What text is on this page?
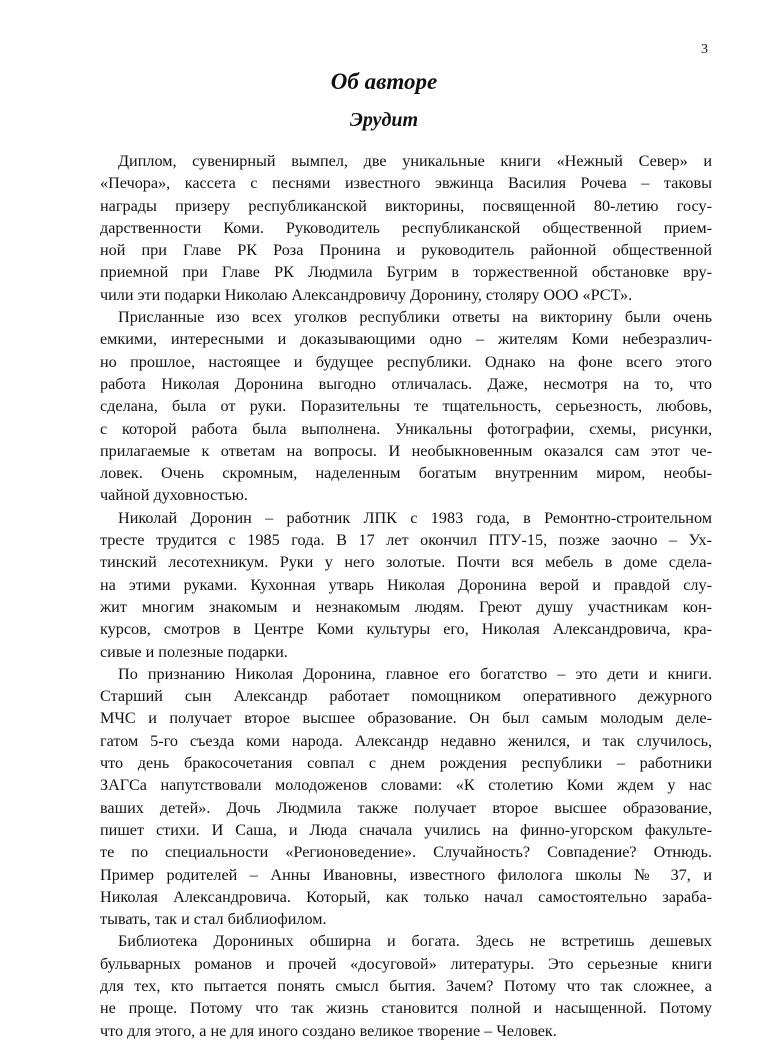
3
Об авторе
Эрудит
Диплом, сувенирный вымпел, две уникальные книги «Нежный Север» и
«Печора», кассета с песнями известного эвжинца Василия Рочева – таковы
награды призеру республиканской викторины, посвященной 80-летию госу-
дарственности Коми. Руководитель республиканской общественной прием-
ной при Главе РК Роза Пронина и руководитель районной общественной
приемной при Главе РК Людмила Бугрим в торжественной обстановке вру-
чили эти подарки Николаю Александровичу Доронину, столяру ООО «РСТ».
Присланные изо всех уголков республики ответы на викторину были очень
емкими, интересными и доказывающими одно – жителям Коми небезразлич-
но прошлое, настоящее и будущее республики. Однако на фоне всего этого
работа Николая Доронина выгодно отличалась. Даже, несмотря на то, что
сделана, была от руки. Поразительны те тщательность, серьезность, любовь,
с которой работа была выполнена. Уникальны фотографии, схемы, рисунки,
прилагаемые к ответам на вопросы. И необыкновенным оказался сам этот че-
ловек. Очень скромным, наделенным богатым внутренним миром, необы-
чайной духовностью.
Николай Доронин – работник ЛПК с 1983 года, в Ремонтно-строительном
тресте трудится с 1985 года. В 17 лет окончил ПТУ-15, позже заочно – Ух-
тинский лесотехникум. Руки у него золотые. Почти вся мебель в доме сдела-
на этими руками. Кухонная утварь Николая Доронина верой и правдой слу-
жит многим знакомым и незнакомым людям. Греют душу участникам кон-
курсов, смотров в Центре Коми культуры его, Николая Александровича, кра-
сивые и полезные подарки.
По признанию Николая Доронина, главное его богатство – это дети и книги.
Старший сын Александр работает помощником оперативного дежурного
МЧС и получает второе высшее образование. Он был самым молодым деле-
гатом 5-го съезда коми народа. Александр недавно женился, и так случилось,
что день бракосочетания совпал с днем рождения республики – работники
ЗАГСа напутствовали молодоженов словами: «К столетию Коми ждем у нас
ваших детей». Дочь Людмила также получает второе высшее образование,
пишет стихи. И Саша, и Люда сначала учились на финно-угорском факульте-
те по специальности «Регионоведение». Случайность? Совпадение? Отнюдь.
Пример родителей – Анны Ивановны, известного филолога школы № 37, и
Николая Александровича. Который, как только начал самостоятельно зараба-
тывать, так и стал библиофилом.
Библиотека Дорониных обширна и богата. Здесь не встретишь дешевых
бульварных романов и прочей «досуговой» литературы. Это серьезные книги
для тех, кто пытается понять смысл бытия. Зачем? Потому что так сложнее, а
не проще. Потому что так жизнь становится полной и насыщенной. Потому
что для этого, а не для иного создано великое творение – Человек.
